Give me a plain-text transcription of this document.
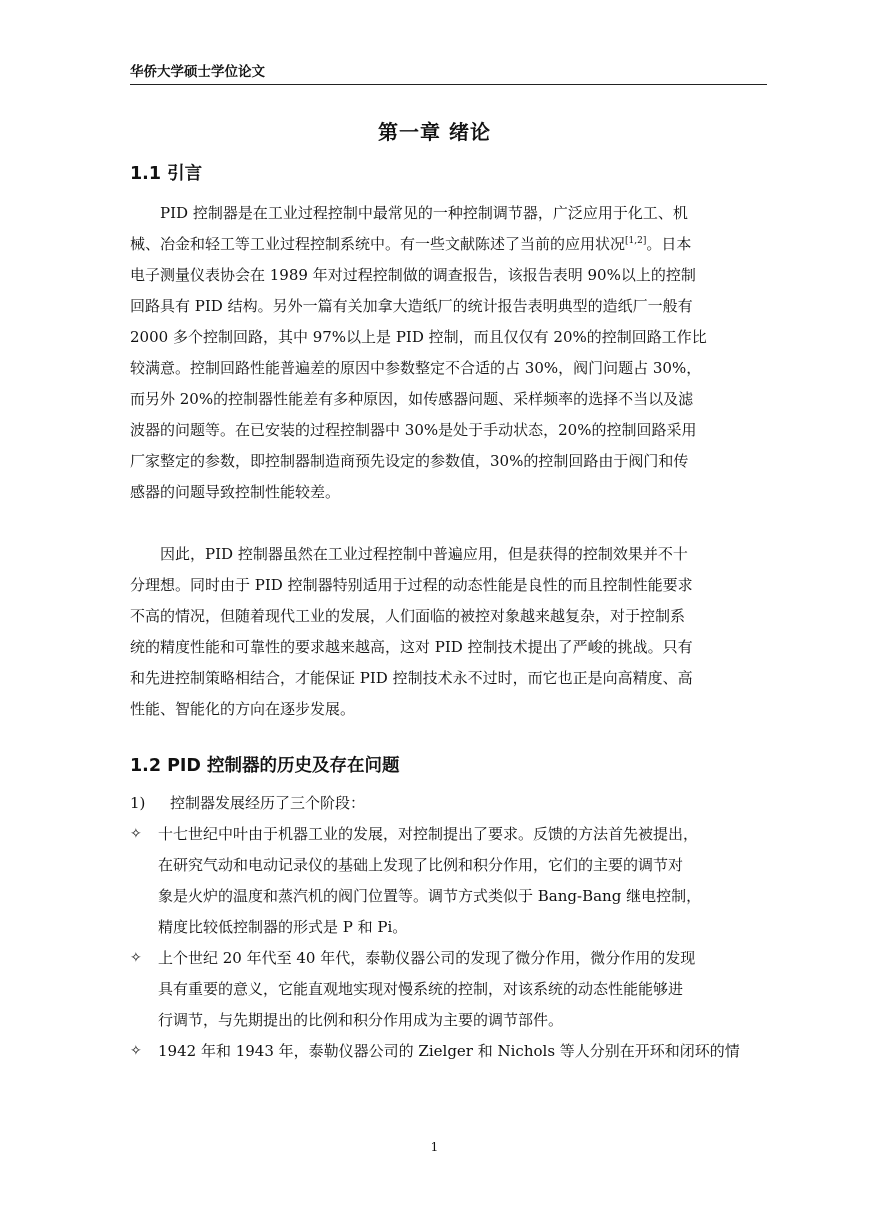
华侨大学硕士学位论文
第一章 绪论
1.1 引言
PID 控制器是在工业过程控制中最常见的一种控制调节器，广泛应用于化工、机
械、冶金和轻工等工业过程控制系统中。有一些文献陈述了当前的应用状况[1,2]。日本
电子测量仪表协会在 1989 年对过程控制做的调查报告，该报告表明 90%以上的控制
回路具有 PID 结构。另外一篇有关加拿大造纸厂的统计报告表明典型的造纸厂一般有
2000 多个控制回路，其中 97%以上是 PID 控制，而且仅仅有 20%的控制回路工作比
较满意。控制回路性能普遍差的原因中参数整定不合适的占 30%，阀门问题占 30%，
而另外 20%的控制器性能差有多种原因，如传感器问题、采样频率的选择不当以及滤
波器的问题等。在已安装的过程控制器中 30%是处于手动状态，20%的控制回路采用
厂家整定的参数，即控制器制造商预先设定的参数值，30%的控制回路由于阀门和传
感器的问题导致控制性能较差。
因此，PID 控制器虽然在工业过程控制中普遍应用，但是获得的控制效果并不十
分理想。同时由于 PID 控制器特别适用于过程的动态性能是良性的而且控制性能要求
不高的情况，但随着现代工业的发展，人们面临的被控对象越来越复杂，对于控制系
统的精度性能和可靠性的要求越来越高，这对 PID 控制技术提出了严峻的挑战。只有
和先进控制策略相结合，才能保证 PID 控制技术永不过时，而它也正是向高精度、高
性能、智能化的方向在逐步发展。
1.2 PID 控制器的历史及存在问题
1) 控制器发展经历了三个阶段：
✧	十七世纪中叶由于机器工业的发展，对控制提出了要求。反馈的方法首先被提出，
在研究气动和电动记录仪的基础上发现了比例和积分作用，它们的主要的调节对
象是火炉的温度和蒸汽机的阀门位置等。调节方式类似于 Bang-Bang 继电控制，
精度比较低控制器的形式是 P 和 Pi。
✧	上个世纪 20 年代至 40 年代，泰勒仪器公司的发现了微分作用，微分作用的发现
具有重要的意义，它能直观地实现对慢系统的控制，对该系统的动态性能能够进
行调节，与先期提出的比例和积分作用成为主要的调节部件。
✧	1942 年和 1943 年，泰勒仪器公司的 Zielger 和 Nichols 等人分别在开环和闭环的情
1
